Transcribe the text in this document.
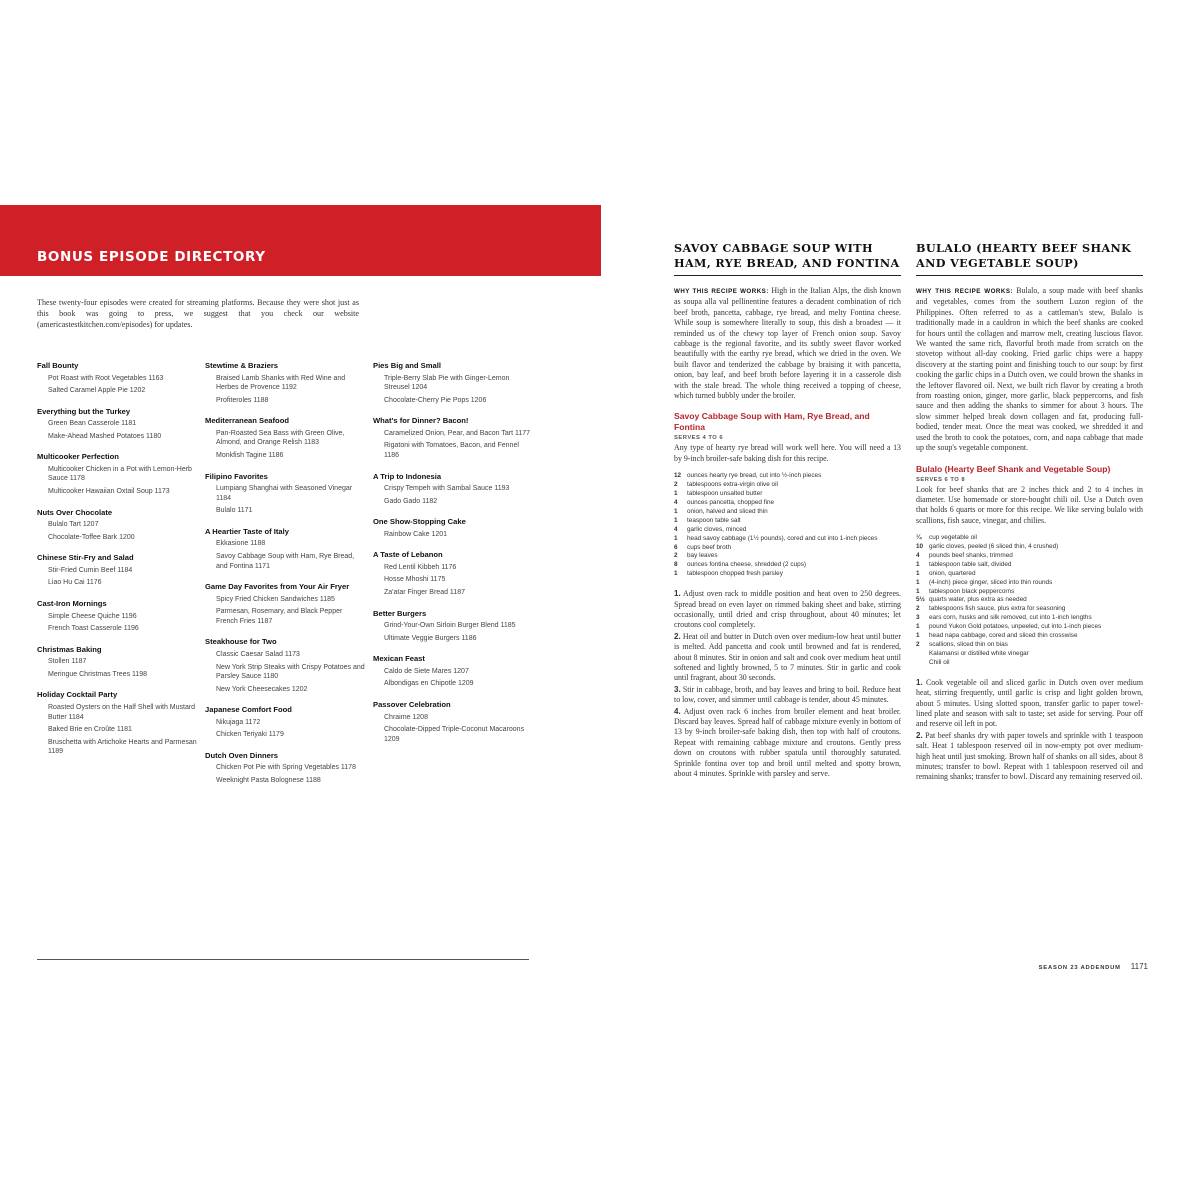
BONUS EPISODE DIRECTORY

These twenty-four episodes were created for streaming platforms. Because they were shot just as this book was going to press, we suggest that you check our website (americastestkitchen.com/episodes) for updates.

Fall Bounty
Pot Roast with Root Vegetables 1163
Salted Caramel Apple Pie 1202
Everything but the Turkey
Green Bean Casserole 1181
Make-Ahead Mashed Potatoes 1180
Multicooker Perfection
Multicooker Chicken in a Pot with Lemon-Herb Sauce 1178
Multicooker Hawaiian Oxtail Soup 1173
Nuts Over Chocolate
Bulalo Tart 1207
Chocolate-Toffee Bark 1200
Chinese Stir-Fry and Salad
Stir-Fried Cumin Beef 1184
Liao Hu Cai 1176
Cast-Iron Mornings
Simple Cheese Quiche 1196
French Toast Casserole 1196
Christmas Baking
Stollen 1187
Meringue Christmas Trees 1198
Holiday Cocktail Party
Roasted Oysters on the Half Shell with Mustard Butter 1184
Baked Brie en Croûte 1181
Bruschetta with Artichoke Hearts and Parmesan 1189
Stewtime & Braziers
Braised Lamb Shanks with Red Wine and Herbes de Provence 1192
Profiteroles 1188
Mediterranean Seafood
Pan-Roasted Sea Bass with Green Olive, Almond, and Orange Relish 1183
Monkfish Tagine 1186
Filipino Favorites
Lumpiang Shanghai with Seasoned Vinegar 1184
Bulalo 1171
A Heartier Taste of Italy
Ekkasione 1188
Savoy Cabbage Soup with Ham, Rye Bread, and Fontina 1171
Game Day Favorites from Your Air Fryer
Spicy Fried Chicken Sandwiches 1185
Parmesan, Rosemary, and Black Pepper French Fries 1187
Steakhouse for Two
Classic Caesar Salad 1173
New York Strip Steaks with Crispy Potatoes and Parsley Sauce 1180
New York Cheesecakes 1202
Japanese Comfort Food
Nikujaga 1172
Chicken Teriyaki 1179
Dutch Oven Dinners
Chicken Pot Pie with Spring Vegetables 1178
Weeknight Pasta Bolognese 1188
Pies Big and Small
Triple-Berry Slab Pie with Ginger-Lemon Streusel 1204
Chocolate-Cherry Pie Pops 1206
What's for Dinner? Bacon!
Caramelized Onion, Pear, and Bacon Tart 1177
Rigatoni with Tomatoes, Bacon, and Fennel 1186
A Trip to Indonesia
Crispy Tempeh with Sambal Sauce 1193
Gado Gado 1182
One Show-Stopping Cake
Rainbow Cake 1201
A Taste of Lebanon
Red Lentil Kibbeh 1176
Hosse Mhoshi 1175
Za'atar Finger Bread 1187
Better Burgers
Grind-Your-Own Sirloin Burger Blend 1185
Ultimate Veggie Burgers 1186
Mexican Feast
Caldo de Siete Mares 1207
Albondigas en Chipotle 1209
Passover Celebration
Chraime 1208
Chocolate-Dipped Triple-Coconut Macaroons 1209
SAVOY CABBAGE SOUP WITH HAM, RYE BREAD, AND FONTINA

WHY THIS RECIPE WORKS: High in the Italian Alps, the dish known as soupa alla val pellinentine features a decadent combination of rich beef broth, pancetta, cabbage, rye bread, and melty Fontina cheese. While soup is somewhere literally to soup, this dish a broadest — it reminded us of the chewy top layer of French onion soup. Savoy cabbage is the regional favorite, and its subtly sweet flavor worked beautifully with the earthy rye bread, which we dried in the oven. We built flavor and tenderized the cabbage by braising it with pancetta, onion, bay leaf, and beef broth before layering it in a casserole dish with the stale bread. The whole thing received a topping of cheese, which turned bubbly under the broiler.

Savoy Cabbage Soup with Ham, Rye Bread, and Fontina
SERVES 4 TO 6

Any type of hearty rye bread will work well here. You will need a 13 by 9-inch broiler-safe baking dish for this recipe.

12 ounces hearty rye bread, cut into ½-inch pieces
2	tablespoons extra-virgin olive oil
1	tablespoon unsalted butter
4	ounces pancetta, chopped fine
1	onion, halved and sliced thin
1	teaspoon table salt
4	garlic cloves, minced
1	head savoy cabbage (1½ pounds), cored and cut into 1-inch pieces
6	cups beef broth
2	bay leaves
8	ounces fontina cheese, shredded (2 cups)
1	tablespoon chopped fresh parsley

1. Adjust oven rack to middle position and heat oven to 250 degrees. Spread bread on even layer on rimmed baking sheet and bake, stirring occasionally, until dried and crisp throughout, about 40 minutes; let croutons cool completely.

2. Heat oil and butter in Dutch oven over medium-low heat until butter is melted. Add pancetta and cook until browned and fat is rendered, about 8 minutes. Stir in onion and salt and cook over medium heat until softened and lightly browned, 5 to 7 minutes. Stir in garlic and cook until fragrant, about 30 seconds.

3. Stir in cabbage, broth, and bay leaves and bring to boil. Reduce heat to low, cover, and simmer until cabbage is tender, about 45 minutes.

4. Adjust oven rack 6 inches from broiler element and heat broiler. Discard bay leaves. Spread half of cabbage mixture evenly in bottom of 13 by 9-inch broiler-safe baking dish, then top with half of croutons. Repeat with remaining cabbage mixture and croutons. Gently press down on croutons with rubber spatula until thoroughly saturated. Sprinkle fontina over top and broil until melted and spotty brown, about 4 minutes. Sprinkle with parsley and serve.

BULALO (HEARTY BEEF SHANK AND VEGETABLE SOUP)

WHY THIS RECIPE WORKS: Bulalo, a soup made with beef shanks and vegetables, comes from the southern Luzon region of the Philippines. Often referred to as a cattleman's stew, Bulalo is traditionally made in a cauldron in which the beef shanks are cooked for hours until the collagen and marrow melt, creating luscious flavor. We wanted the same rich, flavorful broth made from scratch on the stovetop without all-day cooking. Fried garlic chips were a happy discovery at the starting point and finishing touch to our soup: by first cooking the garlic chips in a Dutch oven, we could brown the shanks in the leftover flavored oil. Next, we built rich flavor by creating a broth from roasting onion, ginger, more garlic, black peppercorns, and fish sauce and then adding the shanks to simmer for about 3 hours. The slow simmer helped break down collagen and fat, producing full-bodied, tender meat. Once the meat was cooked, we shredded it and used the broth to cook the potatoes, corn, and napa cabbage that made up the soup's vegetable component.

Bulalo (Hearty Beef Shank and Vegetable Soup)
SERVES 6 TO 8

Look for beef shanks that are 2 inches thick and 2 to 4 inches in diameter. Use homemade or store-bought chili oil. Use a Dutch oven that holds 6 quarts or more for this recipe. We like serving bulalo with scallions, fish sauce, vinegar, and chilies.

¼	cup vegetable oil
10 garlic cloves, peeled (6 sliced thin, 4 crushed)
4	pounds beef shanks, trimmed
1	tablespoon table salt, divided
1	onion, quartered
1	(4-inch) piece ginger, sliced into thin rounds
1	tablespoon black peppercorns
5½ quarts water, plus extra as needed
2	tablespoons fish sauce, plus extra for seasoning
3	ears corn, husks and silk removed, cut into 1-inch lengths
1	pound Yukon Gold potatoes, unpeeled, cut into 1-inch pieces
1	head napa cabbage, cored and sliced thin crosswise
2	scallions, sliced thin on bias
Kalamansi or distilled white vinegar
Chili oil

1. Cook vegetable oil and sliced garlic in Dutch oven over medium heat, stirring frequently, until garlic is crisp and light golden brown, about 5 minutes. Using slotted spoon, transfer garlic to paper towel-lined plate and season with salt to taste; set aside for serving. Pour off and reserve oil left in pot.

2. Pat beef shanks dry with paper towels and sprinkle with 1 teaspoon salt. Heat 1 tablespoon reserved oil in now-empty pot over medium-high heat until just smoking. Brown half of shanks on all sides, about 8 minutes; transfer to bowl. Repeat with 1 tablespoon reserved oil and remaining shanks; transfer to bowl. Discard any remaining reserved oil.

SEASON 23 ADDENDUM 1171
